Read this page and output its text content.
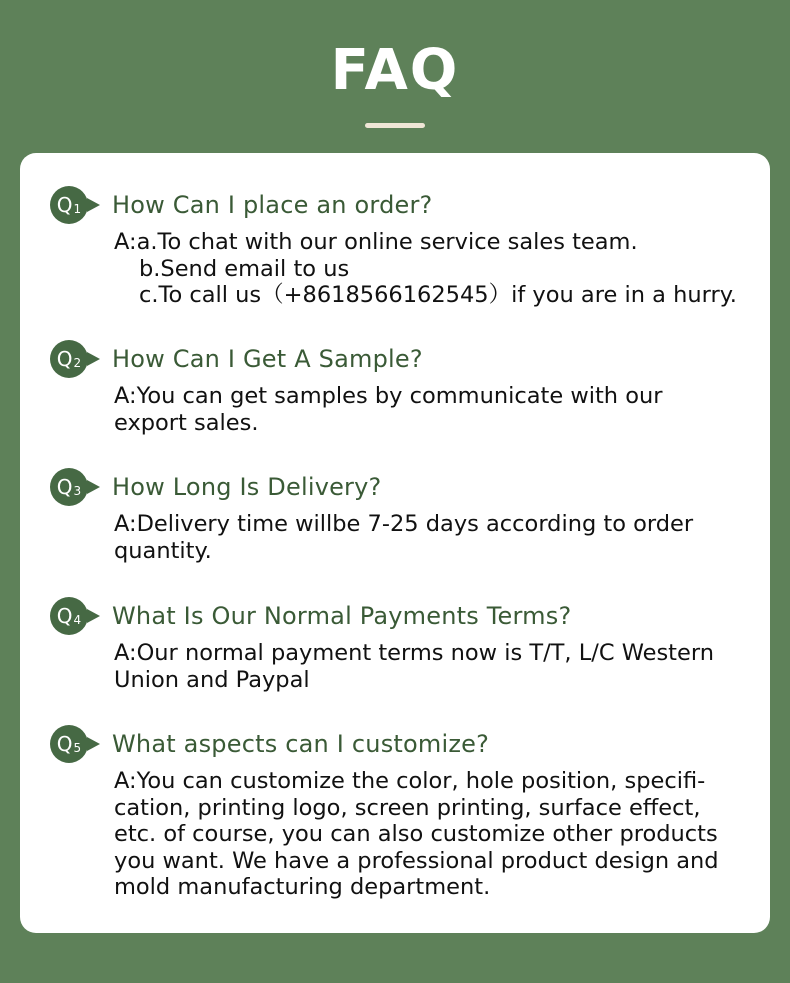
FAQ
Q 1 How Can I place an order?
A:a.To chat with our online service sales team.
b.Send email to us
c.To call us（+8618566162545）if you are in a hurry.
Q 2 How Can I Get A Sample?
A:You can get samples by communicate with our
export sales.
Q 3 How Long Is Delivery?
A:Delivery time willbe 7-25 days according to order
quantity.
Q 4 What Is Our Normal Payments Terms?
A:Our normal payment terms now is T/T, L/C Western
Union and Paypal
Q 5 What aspects can I customize?
A:You can customize the color, hole position, specifi-
cation, printing logo, screen printing, surface effect,
etc. of course, you can also customize other products
you want. We have a professional product design and
mold manufacturing department.
